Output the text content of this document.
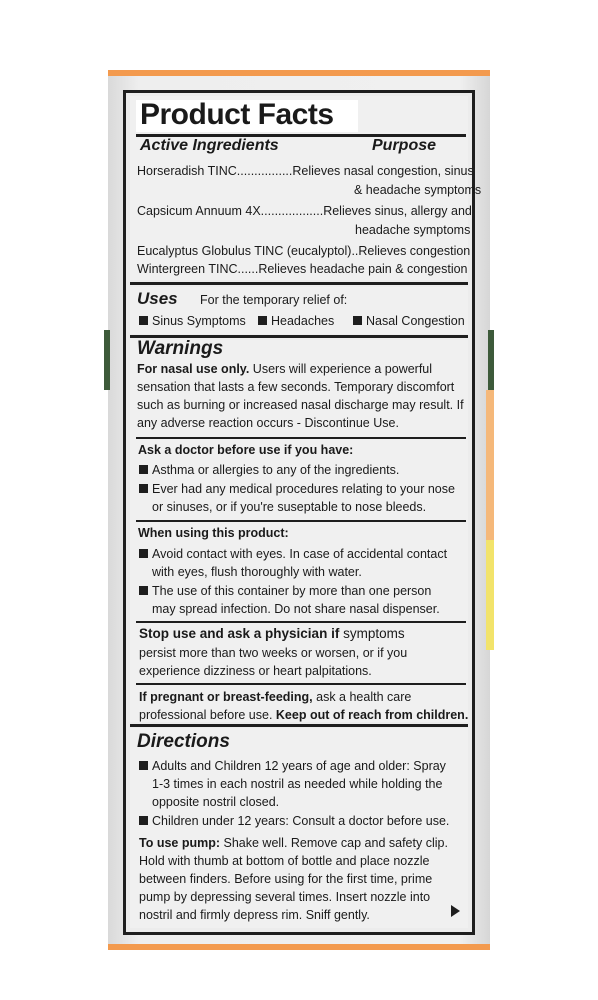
Product Facts
Active Ingredients	Purpose
Horseradish TINC................Relieves nasal congestion, sinus
& headache symptoms
Capsicum Annuum 4X..................Relieves sinus, allergy and
headache symptoms
Eucalyptus Globulus TINC (eucalyptol)..Relieves congestion
Wintergreen TINC......Relieves headache pain & congestion
Uses For the temporary relief of:
Sinus Symptoms	Headaches	Nasal Congestion
Warnings
For nasal use only. Users will experience a powerful
sensation that lasts a few seconds. Temporary discomfort
such as burning or increased nasal discharge may result. If
any adverse reaction occurs - Discontinue Use.
Ask a doctor before use if you have:
Asthma or allergies to any of the ingredients.
Ever had any medical procedures relating to your nose
or sinuses, or if you're suseptable to nose bleeds.
When using this product:
Avoid contact with eyes. In case of accidental contact
with eyes, flush thoroughly with water.
The use of this container by more than one person
may spread infection. Do not share nasal dispenser.
Stop use and ask a physician if symptoms
persist more than two weeks or worsen, or if you
experience dizziness or heart palpitations.
If pregnant or breast-feeding, ask a health care
professional before use. Keep out of reach from children.
Directions
Adults and Children 12 years of age and older: Spray
1-3 times in each nostril as needed while holding the
opposite nostril closed.
Children under 12 years: Consult a doctor before use.
To use pump: Shake well. Remove cap and safety clip.
Hold with thumb at bottom of bottle and place nozzle
between finders. Before using for the first time, prime
pump by depressing several times. Insert nozzle into
nostril and firmly depress rim. Sniff gently.
